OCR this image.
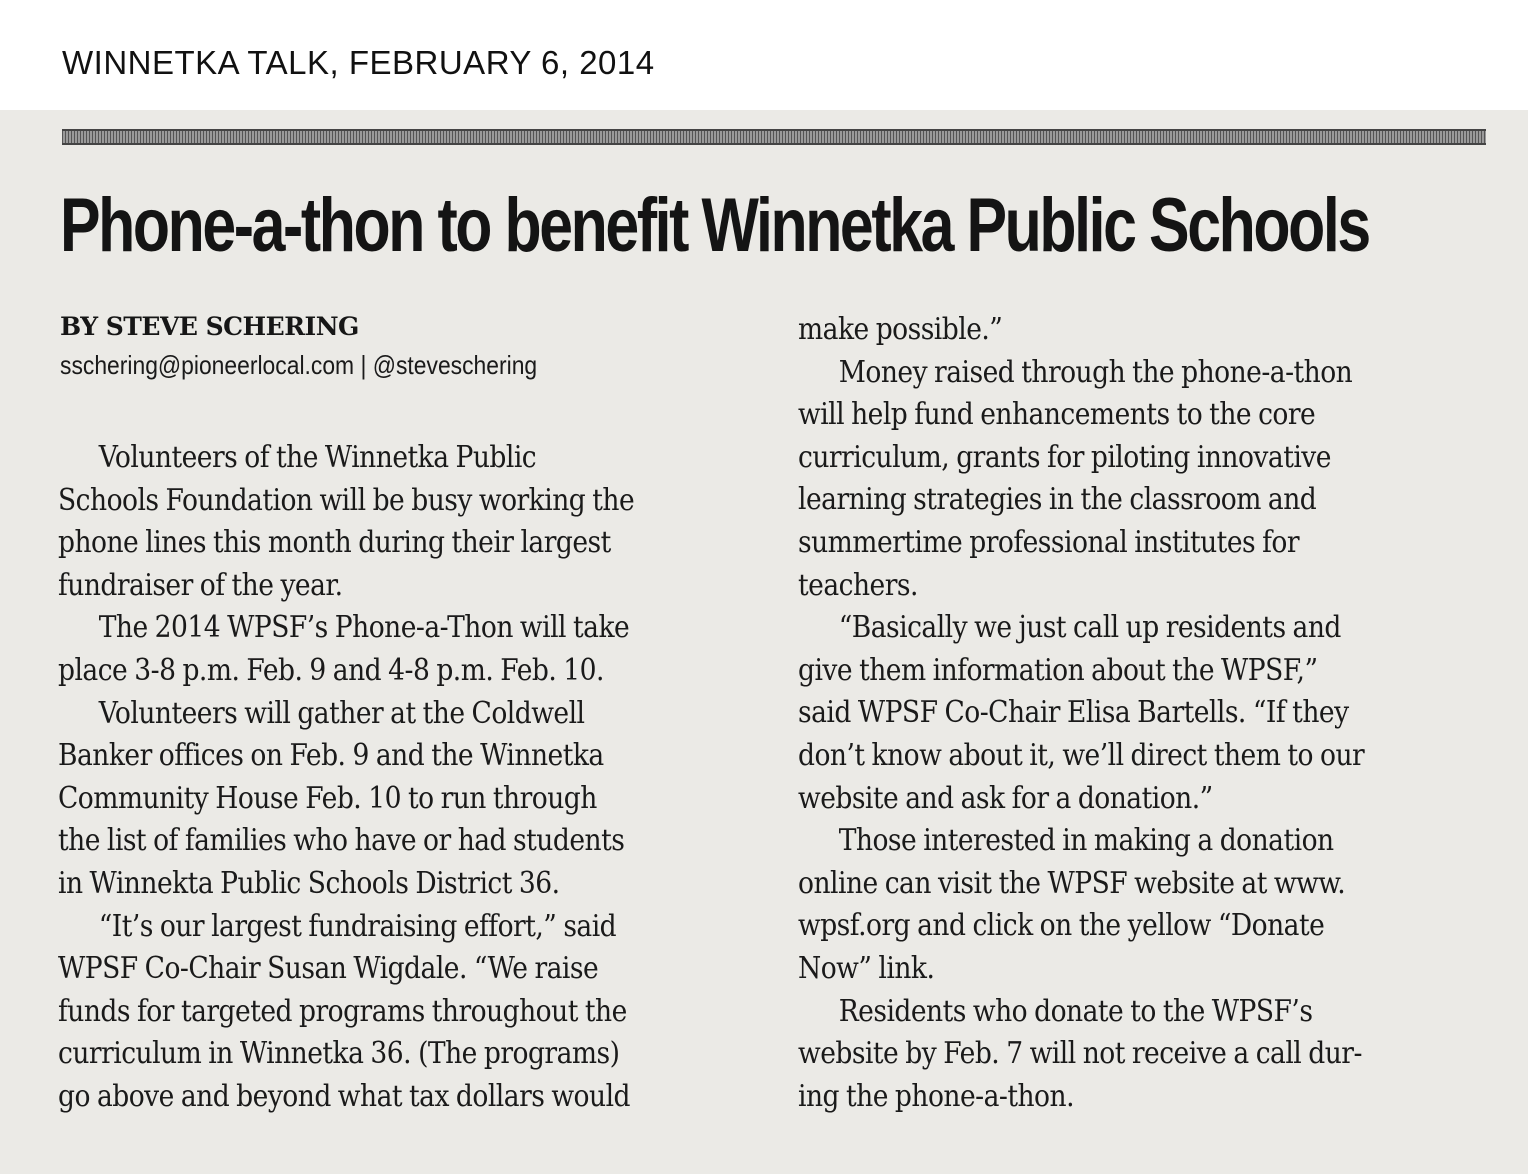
WINNETKA TALK, FEBRUARY 6, 2014
Phone-a-thon to benefit Winnetka Public Schools
BY STEVE SCHERING
sschering@pioneerlocal.com | @steveschering
Volunteers of the Winnetka Public
Schools Foundation will be busy working the
phone lines this month during their largest
fundraiser of the year.
The 2014 WPSF’s Phone-a-Thon will take
place 3-8 p.m. Feb. 9 and 4-8 p.m. Feb. 10.
Volunteers will gather at the Coldwell
Banker offices on Feb. 9 and the Winnetka
Community House Feb. 10 to run through
the list of families who have or had students
in Winnekta Public Schools District 36.
“It’s our largest fundraising effort,” said
WPSF Co-Chair Susan Wigdale. “We raise
funds for targeted programs throughout the
curriculum in Winnetka 36. (The programs)
go above and beyond what tax dollars would
make possible.”
Money raised through the phone-a-thon
will help fund enhancements to the core
curriculum, grants for piloting innovative
learning strategies in the classroom and
summertime professional institutes for
teachers.
“Basically we just call up residents and
give them information about the WPSF,”
said WPSF Co-Chair Elisa Bartells. “If they
don’t know about it, we’ll direct them to our
website and ask for a donation.”
Those interested in making a donation
online can visit the WPSF website at www.
wpsf.org and click on the yellow “Donate
Now” link.
Residents who donate to the WPSF’s
website by Feb. 7 will not receive a call dur-
ing the phone-a-thon.
